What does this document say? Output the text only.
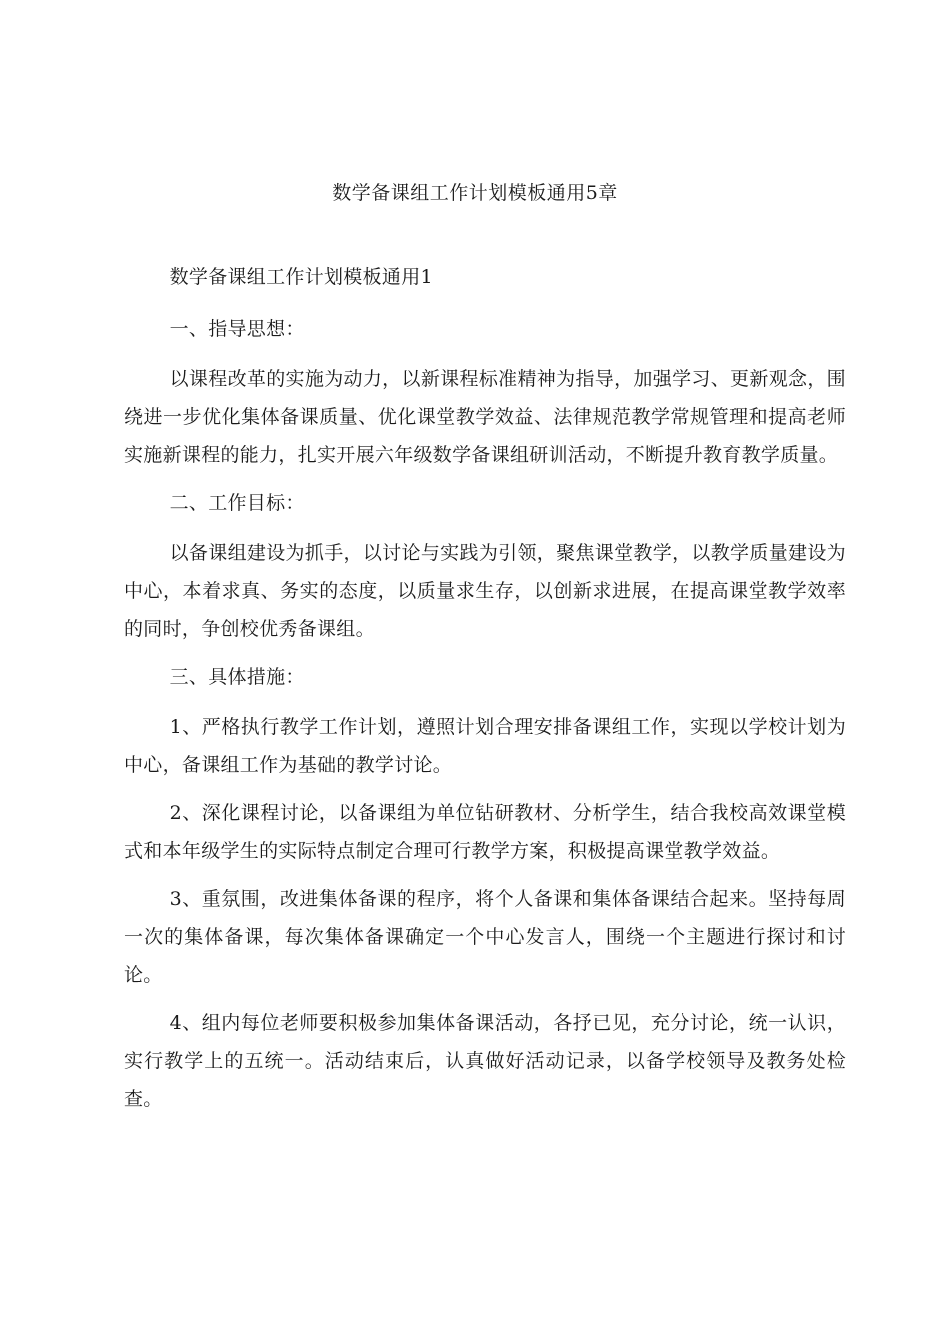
数学备课组工作计划模板通用5章

数学备课组工作计划模板通用1

一、指导思想：

以课程改革的实施为动力，以新课程标准精神为指导，加强学习、更新观念，围绕进一步优化集体备课质量、优化课堂教学效益、法律规范教学常规管理和提高老师实施新课程的能力，扎实开展六年级数学备课组研训活动，不断提升教育教学质量。

二、工作目标：

以备课组建设为抓手，以讨论与实践为引领，聚焦课堂教学，以教学质量建设为中心，本着求真、务实的态度，以质量求生存，以创新求进展，在提高课堂教学效率的同时，争创校优秀备课组。

三、具体措施：

1、严格执行教学工作计划，遵照计划合理安排备课组工作，实现以学校计划为中心，备课组工作为基础的教学讨论。

2、深化课程讨论，以备课组为单位钻研教材、分析学生，结合我校高效课堂模式和本年级学生的实际特点制定合理可行教学方案，积极提高课堂教学效益。

3、重氛围，改进集体备课的程序，将个人备课和集体备课结合起来。坚持每周一次的集体备课，每次集体备课确定一个中心发言人，围绕一个主题进行探讨和讨论。

4、组内每位老师要积极参加集体备课活动，各抒已见，充分讨论，统一认识，实行教学上的五统一。活动结束后，认真做好活动记录，以备学校领导及教务处检查。
